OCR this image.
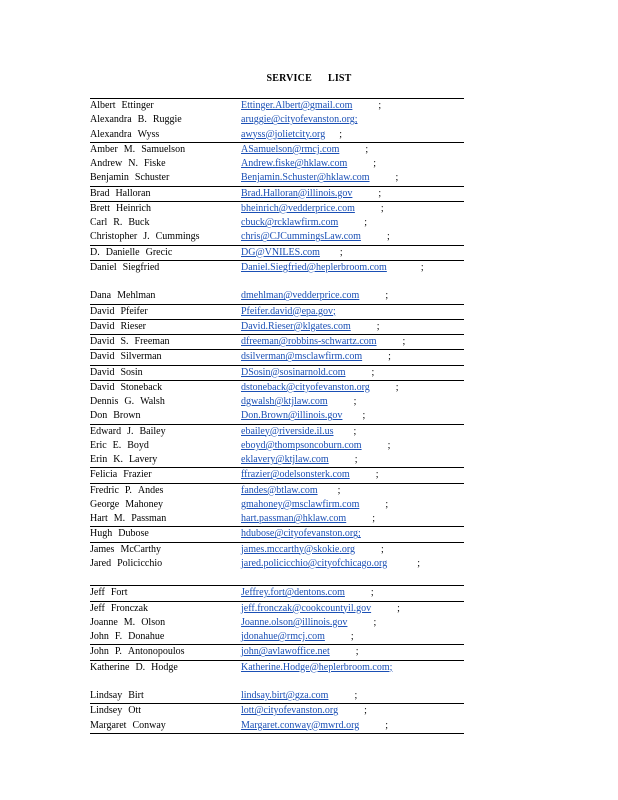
SERVICE LIST
Albert Ettinger	Ettinger.Albert@gmail.com ;
Alexandra B. Ruggie	aruggie@cityofevanston.org;
Alexandra Wyss	awyss@jolietcity.org ;
Amber M. Samuelson	ASamuelson@rmcj.com ;
Andrew N. Fiske	Andrew.fiske@hklaw.com ;
Benjamin Schuster	Benjamin.Schuster@hklaw.com ;
Brad Halloran	Brad.Halloran@illinois.gov ;
Brett Heinrich	bheinrich@vedderprice.com ;
Carl R. Buck	cbuck@rcklawfirm.com ;
Christopher J. Cummings	chris@CJCummingsLaw.com ;
D. Danielle Grecic	DG@VNILES.com ;
Daniel Siegfried	Daniel.Siegfried@heplerbroom.com ;
Dana Mehlman	dmehlman@vedderprice.com ;
David Pfeifer	Pfeifer.david@epa.gov;
David Rieser	David.Rieser@klgates.com ;
David S. Freeman	dfreeman@robbins-schwartz.com ;
David Silverman	dsilverman@msclawfirm.com ;
David Sosin	DSosin@sosinarnold.com ;
David Stoneback	dstoneback@cityofevanston.org ;
Dennis G. Walsh	dgwalsh@ktjlaw.com ;
Don Brown	Don.Brown@illinois.gov ;
Edward J. Bailey	ebailey@riverside.il.us ;
Eric E. Boyd	eboyd@thompsoncoburn.com ;
Erin K. Lavery	eklavery@ktjlaw.com ;
Felicia Frazier	ffrazier@odelsonsterk.com ;
Fredric P. Andes	fandes@btlaw.com ;
George Mahoney	gmahoney@msclawfirm.com ;
Hart M. Passman	hart.passman@hklaw.com ;
Hugh Dubose	hdubose@cityofevanston.org;
James McCarthy	james.mccarthy@skokie.org ;
Jared Policicchio	jared.policicchio@cityofchicago.org ;
Jeff Fort	Jeffrey.fort@dentons.com ;
Jeff Fronczak	jeff.fronczak@cookcountyil.gov ;
Joanne M. Olson	Joanne.olson@illinois.gov ;
John F. Donahue	jdonahue@rmcj.com ;
John P. Antonopoulos	john@avlawoffice.net ;
Katherine D. Hodge	Katherine.Hodge@heplerbroom.com;
Lindsay Birt	lindsay.birt@gza.com ;
Lindsey Ott	lott@cityofevanston.org ;
Margaret Conway	Margaret.conway@mwrd.org ;
